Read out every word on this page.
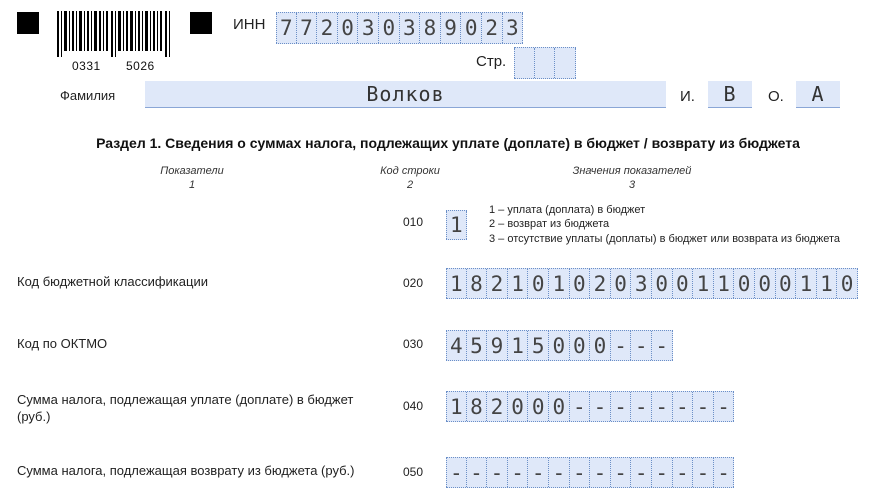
0331 5026
ИНН 7 7 2 0 3 0 3 8 9 0 2 3
Стр.
Фамилия	Волков	И.	В	О.	А
Раздел 1. Сведения о суммах налога, подлежащих уплате (доплате) в бюджет / возврату из бюджета
Показатели
1
Код строки
2
Значения показателей
3
010 1
1 – уплата (доплата) в бюджет
2 – возврат из бюджета
3 – отсутствие уплаты (доплаты) в бюджет или возврата из бюджета
Код бюджетной классификации	020 1 8 2 1 0 1 0 2 0 3 0 0 1 1 0 0 0 1 1 0
Код по ОКТМО	030 4 5 9 1 5 0 0 0 - - -
Сумма налога, подлежащая уплате (доплате) в бюджет
(руб.)
040 1 8 2 0 0 0 - - - - - - - -
Сумма налога, подлежащая возврату из бюджета (руб.)	050 - - - - - - - - - - - - - -
